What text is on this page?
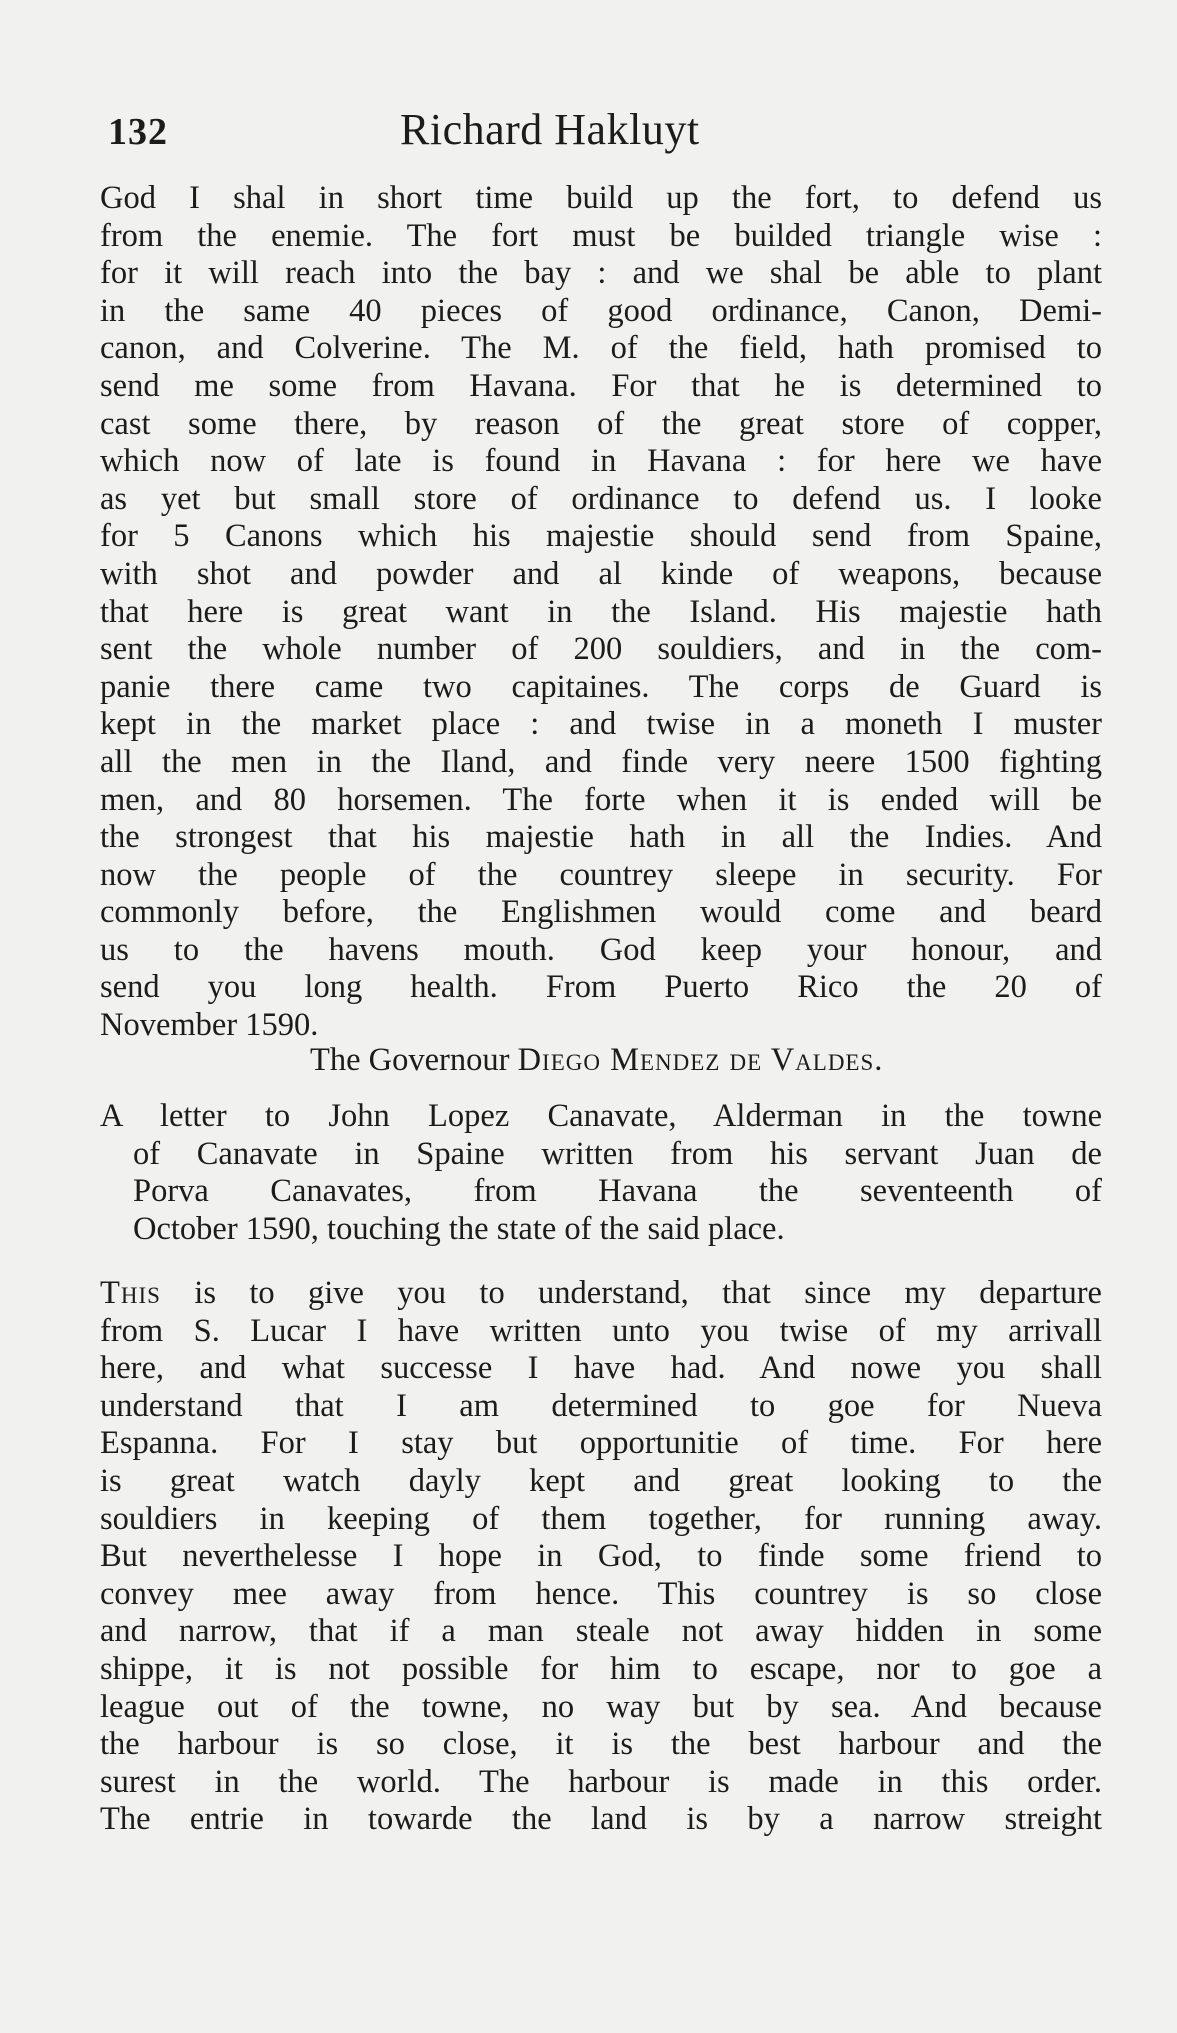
132	Richard Hakluyt
God I shal in short time build up the fort, to defend us
from the enemie. The fort must be builded triangle wise :
for it will reach into the bay : and we shal be able to plant
in the same 40 pieces of good ordinance, Canon, Demi-
canon, and Colverine. The M. of the field, hath promised to
send me some from Havana. For that he is determined to
cast some there, by reason of the great store of copper,
which now of late is found in Havana : for here we have
as yet but small store of ordinance to defend us. I looke
for 5 Canons which his majestie should send from Spaine,
with shot and powder and al kinde of weapons, because
that here is great want in the Island. His majestie hath
sent the whole number of 200 souldiers, and in the com-
panie there came two capitaines. The corps de Guard is
kept in the market place : and twise in a moneth I muster
all the men in the Iland, and finde very neere 1500 fighting
men, and 80 horsemen. The forte when it is ended will be
the strongest that his majestie hath in all the Indies. And
now the people of the countrey sleepe in security. For
commonly before, the Englishmen would come and beard
us to the havens mouth. God keep your honour, and
send you long health. From Puerto Rico the 20 of
November 1590.
The Governour Diego Mendez de Valdes.
A letter to John Lopez Canavate, Alderman in the towne
of Canavate in Spaine written from his servant Juan de
Porva Canavates, from Havana the seventeenth of
October 1590, touching the state of the said place.
This is to give you to understand, that since my departure
from S. Lucar I have written unto you twise of my arrivall
here, and what successe I have had. And nowe you shall
understand that I am determined to goe for Nueva
Espanna. For I stay but opportunitie of time. For here
is great watch dayly kept and great looking to the
souldiers in keeping of them together, for running away.
But neverthelesse I hope in God, to finde some friend to
convey mee away from hence. This countrey is so close
and narrow, that if a man steale not away hidden in some
shippe, it is not possible for him to escape, nor to goe a
league out of the towne, no way but by sea. And because
the harbour is so close, it is the best harbour and the
surest in the world. The harbour is made in this order.
The entrie in towarde the land is by a narrow streight
